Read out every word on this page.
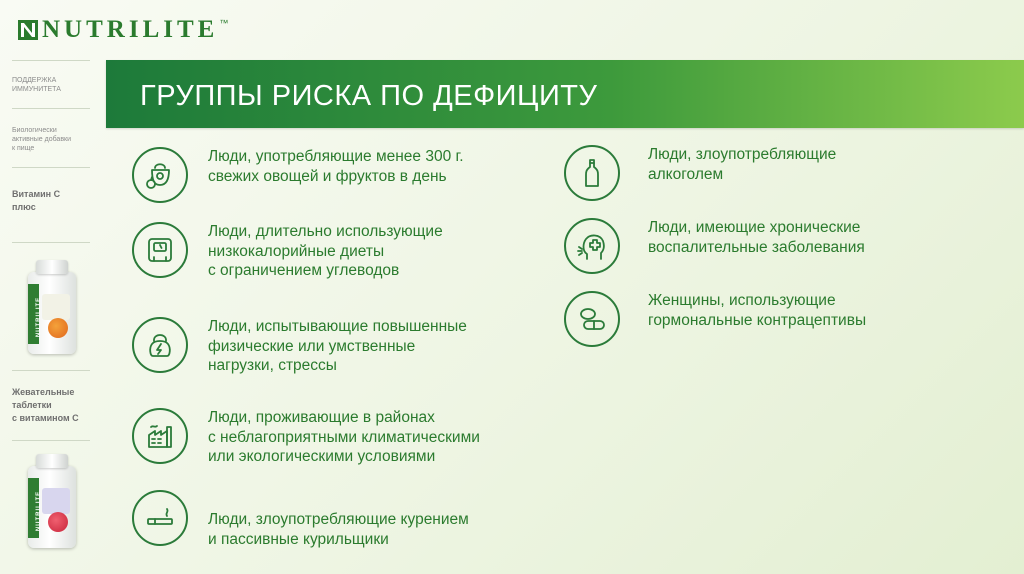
NUTRILITE ™
ПОДДЕРЖКА
ИММУНИТЕТА
Биологически
активные добавки
к пище
Витамин С
плюс
NUTRILITE
Жевательные
таблетки
с витамином С
NUTRILITE
ГРУППЫ РИСКА ПО ДЕФИЦИТУ
Люди, употребляющие менее 300 г.
свежих овощей и фруктов в день
Люди, длительно использующие
низкокалорийные диеты
с ограничением углеводов
Люди, испытывающие повышенные
физические или умственные
нагрузки, стрессы
Люди, проживающие в районах
с неблагоприятными климатическими
или экологическими условиями
Люди, злоупотребляющие курением
и пассивные курильщики
Люди, злоупотребляющие
алкоголем
Люди, имеющие хронические
воспалительные заболевания
Женщины, использующие
гормональные контрацептивы
